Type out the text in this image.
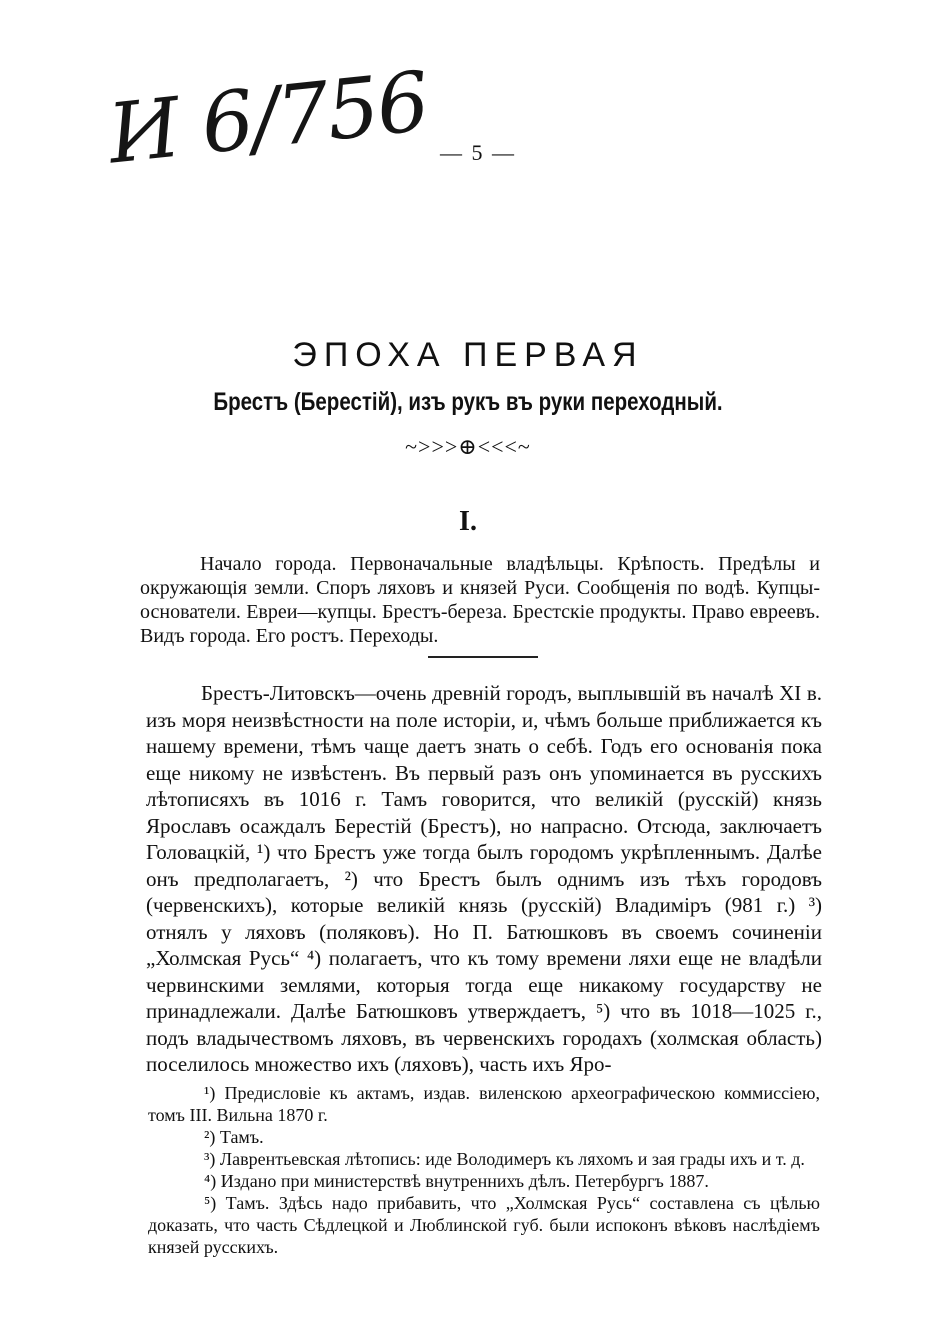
И 6/756 — 5 —
ЭПОХА ПЕРВАЯ
Брестъ (Берестій), изъ рукъ въ руки переходный.
~>>>⊕<<<~
I.

Начало города. Первоначальные владѣльцы. Крѣпость. Предѣлы и окружающія земли. Споръ ляховъ и князей Руси. Сообщенія по водѣ. Купцы-основатели. Евреи—купцы. Брестъ-береза. Брестскіе продукты. Право евреевъ. Видъ города. Его ростъ. Переходы.

Брестъ-Литовскъ—очень древній городъ, выплывшій въ началѣ XI в. изъ моря неизвѣстности на поле исторіи, и, чѣмъ больше приближается къ нашему времени, тѣмъ чаще даетъ знать о себѣ. Годъ его основанія пока еще никому не извѣстенъ. Въ первый разъ онъ упоминается въ русскихъ лѣтописяхъ въ 1016 г. Тамъ говорится, что великій (русскій) князь Ярославъ осаждалъ Берестій (Брестъ), но напрасно. Отсюда, заключаетъ Головацкій, ¹) что Брестъ уже тогда былъ городомъ укрѣпленнымъ. Далѣе онъ предполагаетъ, ²) что Брестъ былъ однимъ изъ тѣхъ городовъ (червенскихъ), которые великій князь (русскій) Владиміръ (981 г.) ³) отнялъ у ляховъ (поляковъ). Но П. Батюшковъ въ своемъ сочиненіи „Холмская Русь“ ⁴) полагаетъ, что къ тому времени ляхи еще не владѣли червинскими землями, которыя тогда еще никакому государству не принадлежали. Далѣе Батюшковъ утверждаетъ, ⁵) что въ 1018—1025 г., подъ владычествомъ ляховъ, въ червенскихъ городахъ (холмская область) поселилось множество ихъ (ляховъ), часть ихъ Яро-

¹) Предисловіе къ актамъ, издав. виленскою археографическою коммиссіею, томъ III. Вильна 1870 г.
²) Тамъ.
³) Лаврентьевская лѣтопись: иде Володимеръ къ ляхомъ и зая грады ихъ и т. д.
⁴) Издано при министерствѣ внутреннихъ дѣлъ. Петербургъ 1887.
⁵) Тамъ. Здѣсь надо прибавить, что „Холмская Русь“ составлена съ цѣлью доказать, что часть Сѣдлецкой и Люблинской губ. были испоконъ вѣковъ наслѣдіемъ князей русскихъ.
